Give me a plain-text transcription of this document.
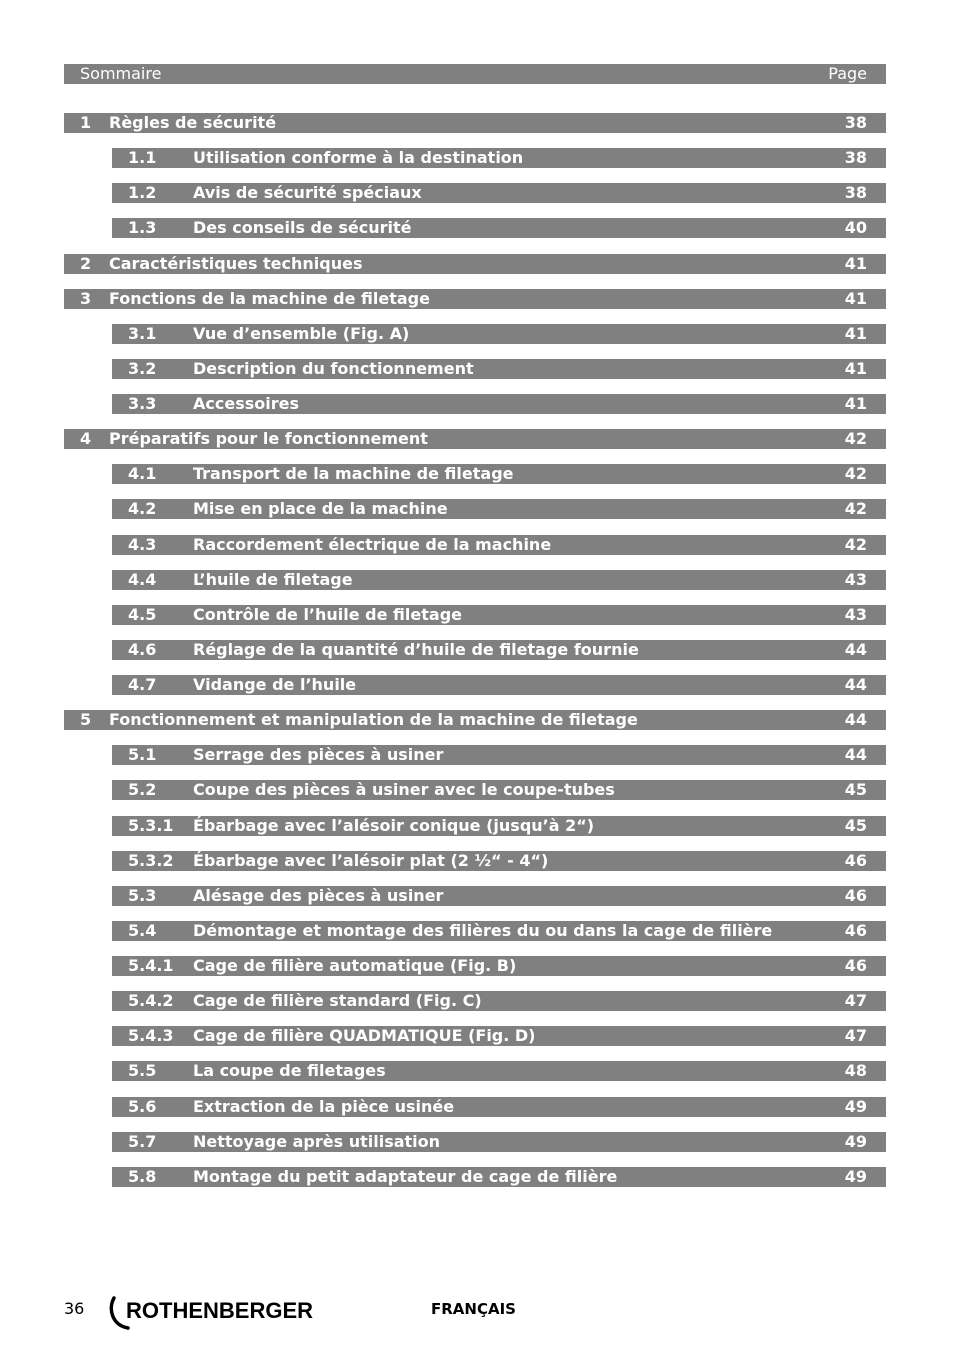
Sommaire	Page
1 Règles de sécurité	38
1.1 Utilisation conforme à la destination	38
1.2 Avis de sécurité spéciaux	38
1.3 Des conseils de sécurité	40
2 Caractéristiques techniques	41
3 Fonctions de la machine de filetage	41
3.1 Vue d’ensemble (Fig. A)	41
3.2 Description du fonctionnement	41
3.3 Accessoires	41
4 Préparatifs pour le fonctionnement	42
4.1 Transport de la machine de filetage	42
4.2 Mise en place de la machine	42
4.3 Raccordement électrique de la machine	42
4.4 L’huile de filetage	43
4.5 Contrôle de l’huile de filetage	43
4.6 Réglage de la quantité d’huile de filetage fournie	44
4.7 Vidange de l’huile	44
5 Fonctionnement et manipulation de la machine de filetage	44
5.1 Serrage des pièces à usiner	44
5.2 Coupe des pièces à usiner avec le coupe-tubes	45
5.3.1 Ébarbage avec l’alésoir conique (jusqu’à 2“)	45
5.3.2 Ébarbage avec l’alésoir plat (2 ½“ - 4“)	46
5.3 Alésage des pièces à usiner	46
5.4 Démontage et montage des filières du ou dans la cage de filière	46
5.4.1 Cage de filière automatique (Fig. B)	46
5.4.2 Cage de filière standard (Fig. C)	47
5.4.3 Cage de filière QUADMATIQUE (Fig. D)	47
5.5 La coupe de filetages	48
5.6 Extraction de la pièce usinée	49
5.7 Nettoyage après utilisation	49
5.8 Montage du petit adaptateur de cage de filière	49
36 ROTHENBERGER	FRANÇAIS
